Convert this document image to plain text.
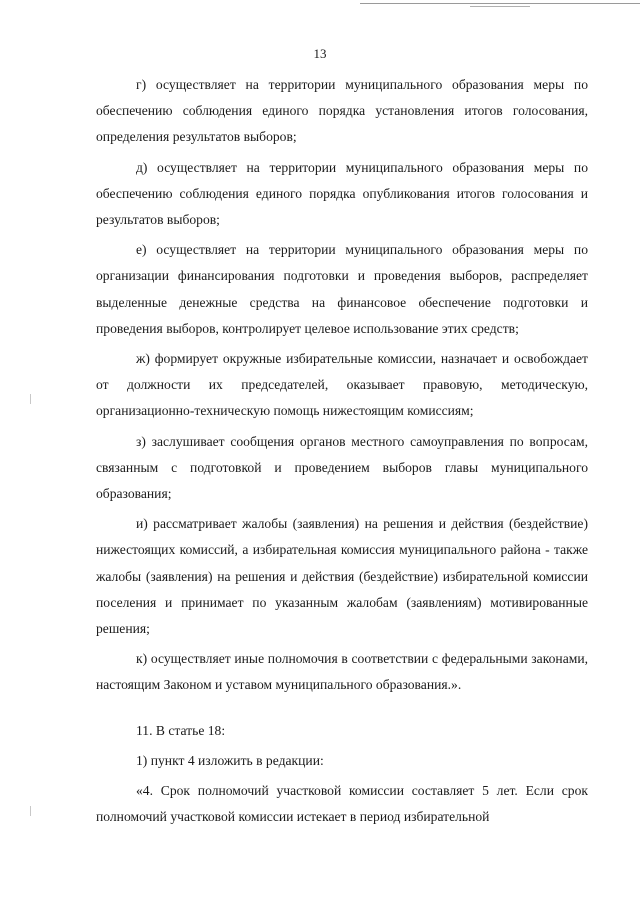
13

г) осуществляет на территории муниципального образования меры по обеспечению соблюдения единого порядка установления итогов голосования, определения результатов выборов;

д) осуществляет на территории муниципального образования меры по обеспечению соблюдения единого порядка опубликования итогов голосования и результатов выборов;

е) осуществляет на территории муниципального образования меры по организации финансирования подготовки и проведения выборов, распределяет выделенные денежные средства на финансовое обеспечение подготовки и проведения выборов, контролирует целевое использование этих средств;

ж) формирует окружные избирательные комиссии, назначает и освобождает от должности их председателей, оказывает правовую, методическую, организационно-техническую помощь нижестоящим комиссиям;

з) заслушивает сообщения органов местного самоуправления по вопросам, связанным с подготовкой и проведением выборов главы муниципального образования;

и) рассматривает жалобы (заявления) на решения и действия (бездействие) нижестоящих комиссий, а избирательная комиссия муниципального района - также жалобы (заявления) на решения и действия (бездействие) избирательной комиссии поселения и принимает по указанным жалобам (заявлениям) мотивированные решения;

к) осуществляет иные полномочия в соответствии с федеральными законами, настоящим Законом и уставом муниципального образования.».

11. В статье 18:

1) пункт 4 изложить в редакции:

«4. Срок полномочий участковой комиссии составляет 5 лет. Если срок полномочий участковой комиссии истекает в период избирательной
